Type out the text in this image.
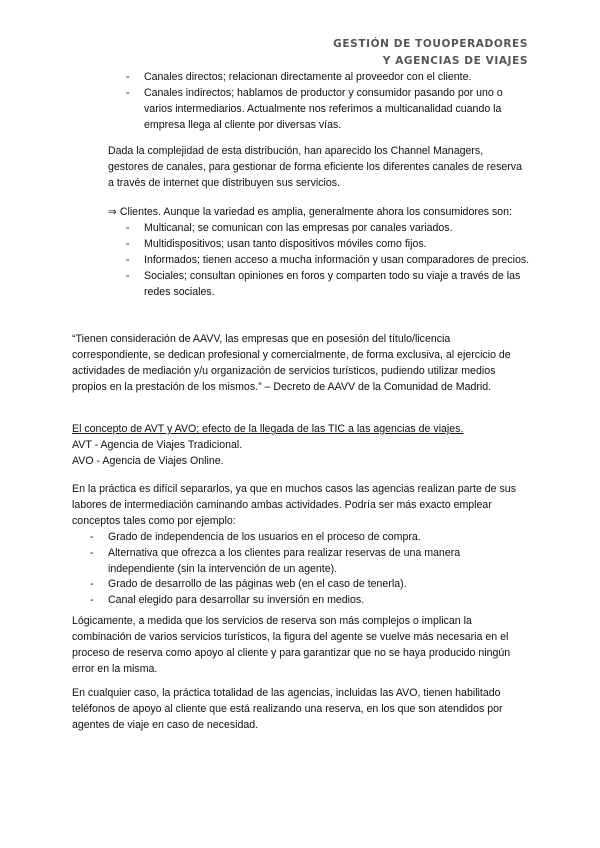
GESTIÓN DE TOUOPERADORES
Y AGENCIAS DE VIAJES
- Canales directos; relacionan directamente al proveedor con el cliente.
- Canales indirectos; hablamos de productor y consumidor pasando por uno o varios intermediarios. Actualmente nos referimos a multicanalidad cuando la empresa llega al cliente por diversas vías.

Dada la complejidad de esta distribución, han aparecido los Channel Managers, gestores de canales, para gestionar de forma eficiente los diferentes canales de reserva a través de internet que distribuyen sus servicios.

⇒ Clientes. Aunque la variedad es amplia, generalmente ahora los consumidores son:

- Multicanal; se comunican con las empresas por canales variados.
- Multidispositivos; usan tanto dispositivos móviles como fijos.
- Informados; tienen acceso a mucha información y usan comparadores de precios.
- Sociales; consultan opiniones en foros y comparten todo su viaje a través de las redes sociales.

“Tienen consideración de AAVV, las empresas que en posesión del título/licencia correspondiente, se dedican profesional y comercialmente, de forma exclusiva, al ejercicio de actividades de mediación y/u organización de servicios turísticos, pudiendo utilizar medios propios en la prestación de los mismos.” – Decreto de AAVV de la Comunidad de Madrid.

El concepto de AVT y AVO; efecto de la llegada de las TIC a las agencias de viajes.

AVT - Agencia de Viajes Tradicional.

AVO - Agencia de Viajes Online.

En la práctica es difícil separarlos, ya que en muchos casos las agencias realizan parte de sus labores de intermediación caminando ambas actividades. Podría ser más exacto emplear conceptos tales como por ejemplo:

- Grado de independencia de los usuarios en el proceso de compra.
- Alternativa que ofrezca a los clientes para realizar reservas de una manera independiente (sin la intervención de un agente).
- Grado de desarrollo de las páginas web (en el caso de tenerla).
- Canal elegido para desarrollar su inversión en medios.

Lógicamente, a medida que los servicios de reserva son más complejos o implican la combinación de varios servicios turísticos, la figura del agente se vuelve más necesaria en el proceso de reserva como apoyo al cliente y para garantizar que no se haya producido ningún error en la misma.

En cualquier caso, la práctica totalidad de las agencias, incluidas las AVO, tienen habilitado teléfonos de apoyo al cliente que está realizando una reserva, en los que son atendidos por agentes de viaje en caso de necesidad.
